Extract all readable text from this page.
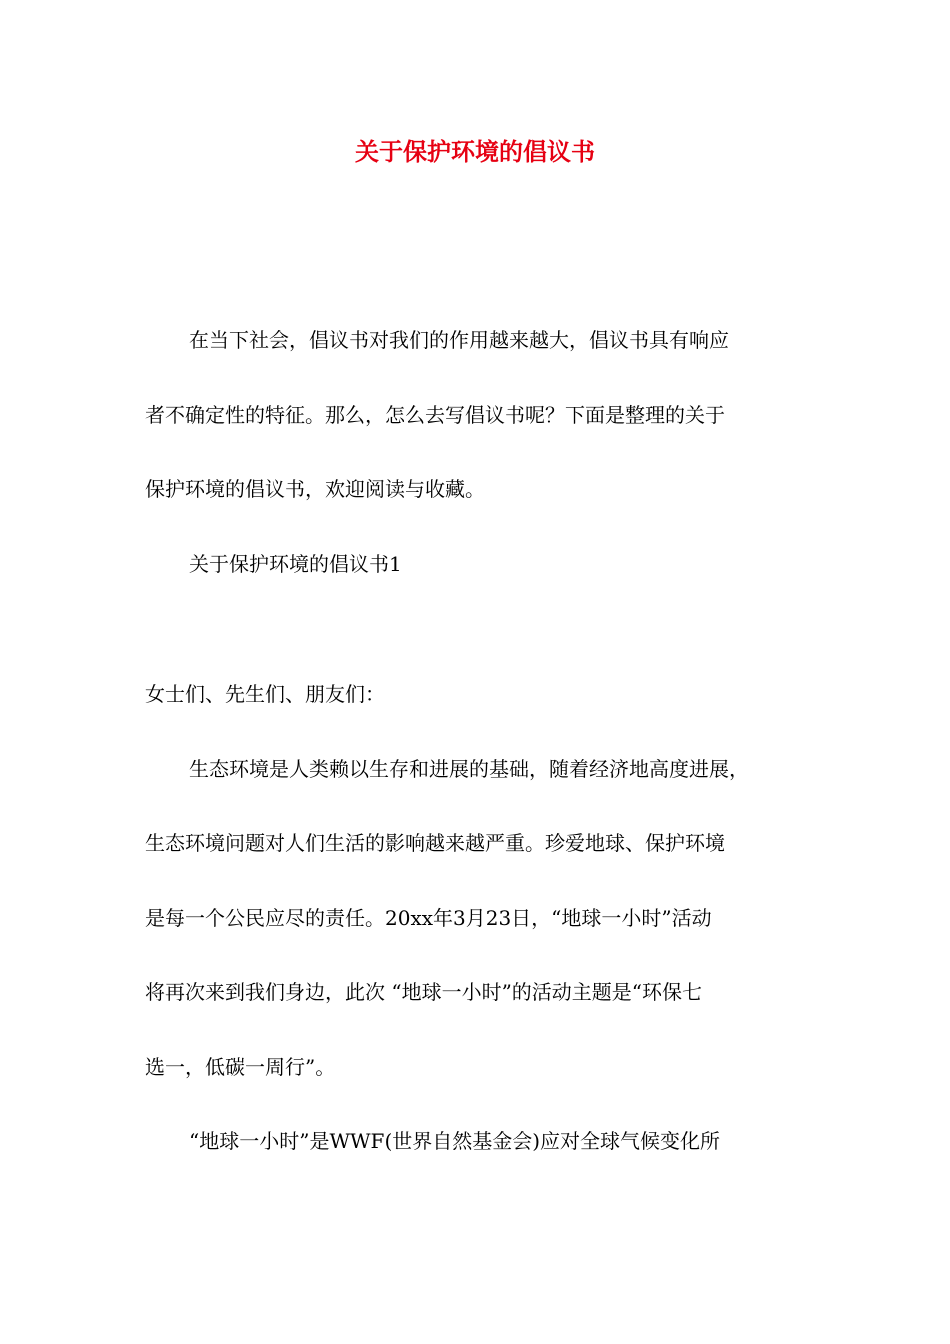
关于保护环境的倡议书
在当下社会，倡议书对我们的作用越来越大，倡议书具有响应
者不确定性的特征。那么，怎么去写倡议书呢？下面是整理的关于
保护环境的倡议书，欢迎阅读与收藏。
关于保护环境的倡议书1
女士们、先生们、朋友们：
生态环境是人类赖以生存和进展的基础，随着经济地高度进展，
生态环境问题对人们生活的影响越来越严重。珍爱地球、保护环境
是每一个公民应尽的责任。20xx年3月23日，“地球一小时”活动
将再次来到我们身边，此次 “地球一小时”的活动主题是“环保七
选一，低碳一周行”。
“地球一小时”是WWF(世界自然基金会)应对全球气候变化所
